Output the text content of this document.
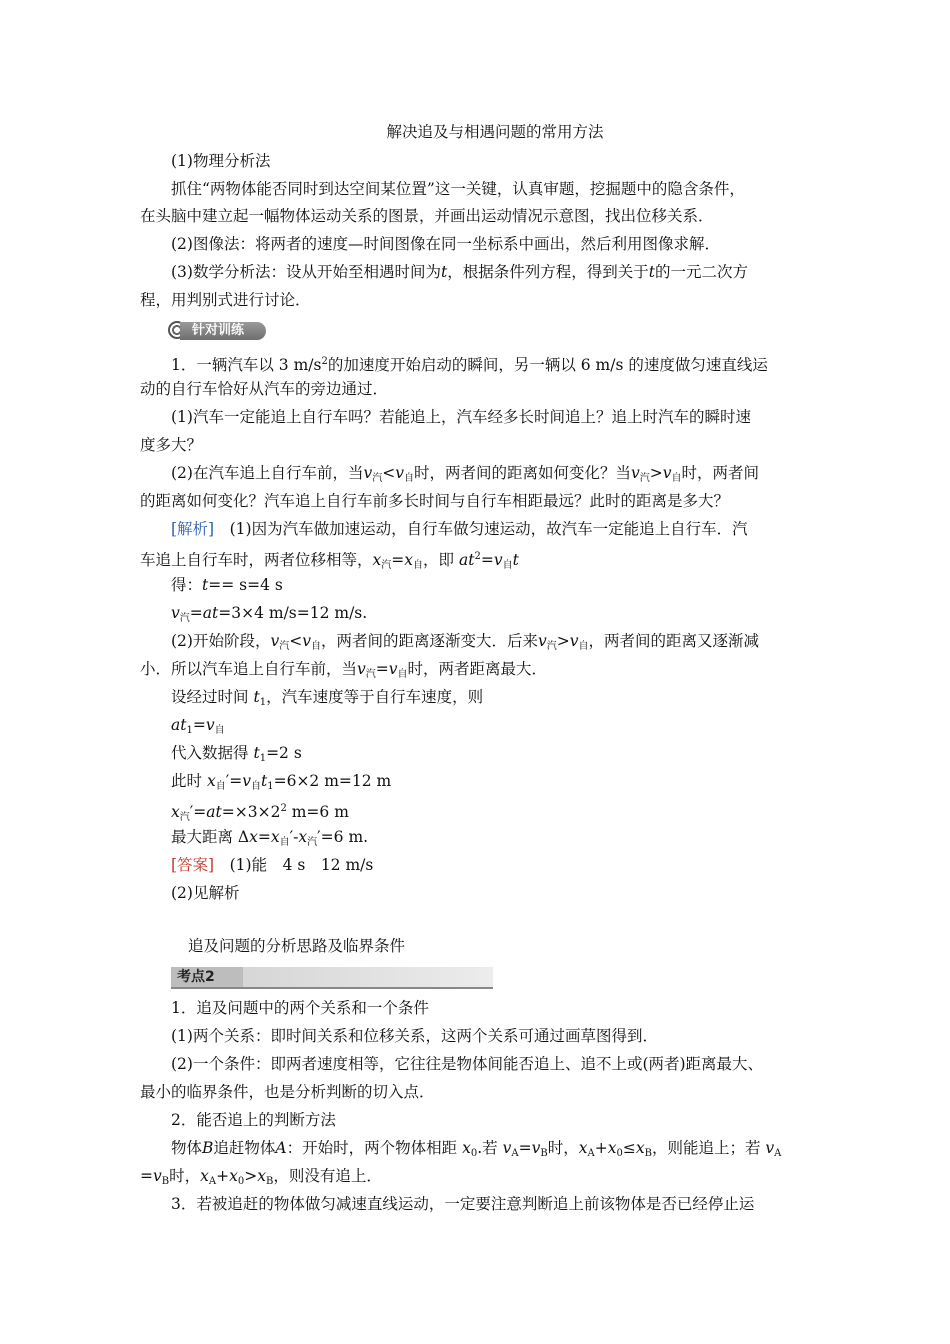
解决追及与相遇问题的常用方法
(1)物理分析法
抓住“两物体能否同时到达空间某位置”这一关键，认真审题，挖掘题中的隐含条件，
在头脑中建立起一幅物体运动关系的图景，并画出运动情况示意图，找出位移关系．
(2)图像法：将两者的速度—时间图像在同一坐标系中画出，然后利用图像求解．
(3)数学分析法：设从开始至相遇时间为t，根据条件列方程，得到关于t的一元二次方
程，用判别式进行讨论．
针对训练
1．一辆汽车以 3 $m/s^2$的加速度开始启动的瞬间，另一辆以 6 m/s 的速度做匀速直线运
动的自行车恰好从汽车的旁边通过．
(1)汽车一定能追上自行车吗？若能追上，汽车经多长时间追上？追上时汽车的瞬时速
度多大？
(2)在汽车追上自行车前，当$v_汽<v_自$时，两者间的距离如何变化？当$v_汽>v_自$时，两者间
的距离如何变化？汽车追上自行车前多长时间与自行车相距最远？此时的距离是多大？
[解析]　 (1)因为汽车做加速运动，自行车做匀速运动，故汽车一定能追上自行车．汽
车追上自行车时，两者位移相等，$x_汽=x_自$，即 $at^2=v_自t$
得：t== s=4 s
$v_汽=at=3\times 4$ m/s=12 m/s.
(2)开始阶段，$v_汽<v_自$，两者间的距离逐渐变大．后来$v_汽>v_自$，两者间的距离又逐渐减
小．所以汽车追上自行车前，当$v_汽=v_自$时，两者距离最大．
设经过时间 $t_1$，汽车速度等于自行车速度，则
$at_1=v_自$
代入数据得 $t_1=2$ s
此时 $x_自'=v_自t_1=6\times 2$ m=12 m
$x_汽'=at=\times 3\times 2^2$ m=6 m
最大距离 $\Delta x=x_自'-x_汽'=6$ m.
[答案]　 (1)能　4 s　12 m/s
(2)见解析
追及问题的分析思路及临界条件
考点2
1．追及问题中的两个关系和一个条件
(1)两个关系：即时间关系和位移关系，这两个关系可通过画草图得到．
(2)一个条件：即两者速度相等，它往往是物体间能否追上、追不上或(两者)距离最大、
最小的临界条件，也是分析判断的切入点．
2．能否追上的判断方法
物体B追赶物体A：开始时，两个物体相距 $x_0$.若 $v_A=v_B$时，$x_A+x_0\le x_B$，则能追上；若 $v_A$
$=v_B$时，$x_A+x_0>x_B$，则没有追上．
3．若被追赶的物体做匀减速直线运动，一定要注意判断追上前该物体是否已经停止运
